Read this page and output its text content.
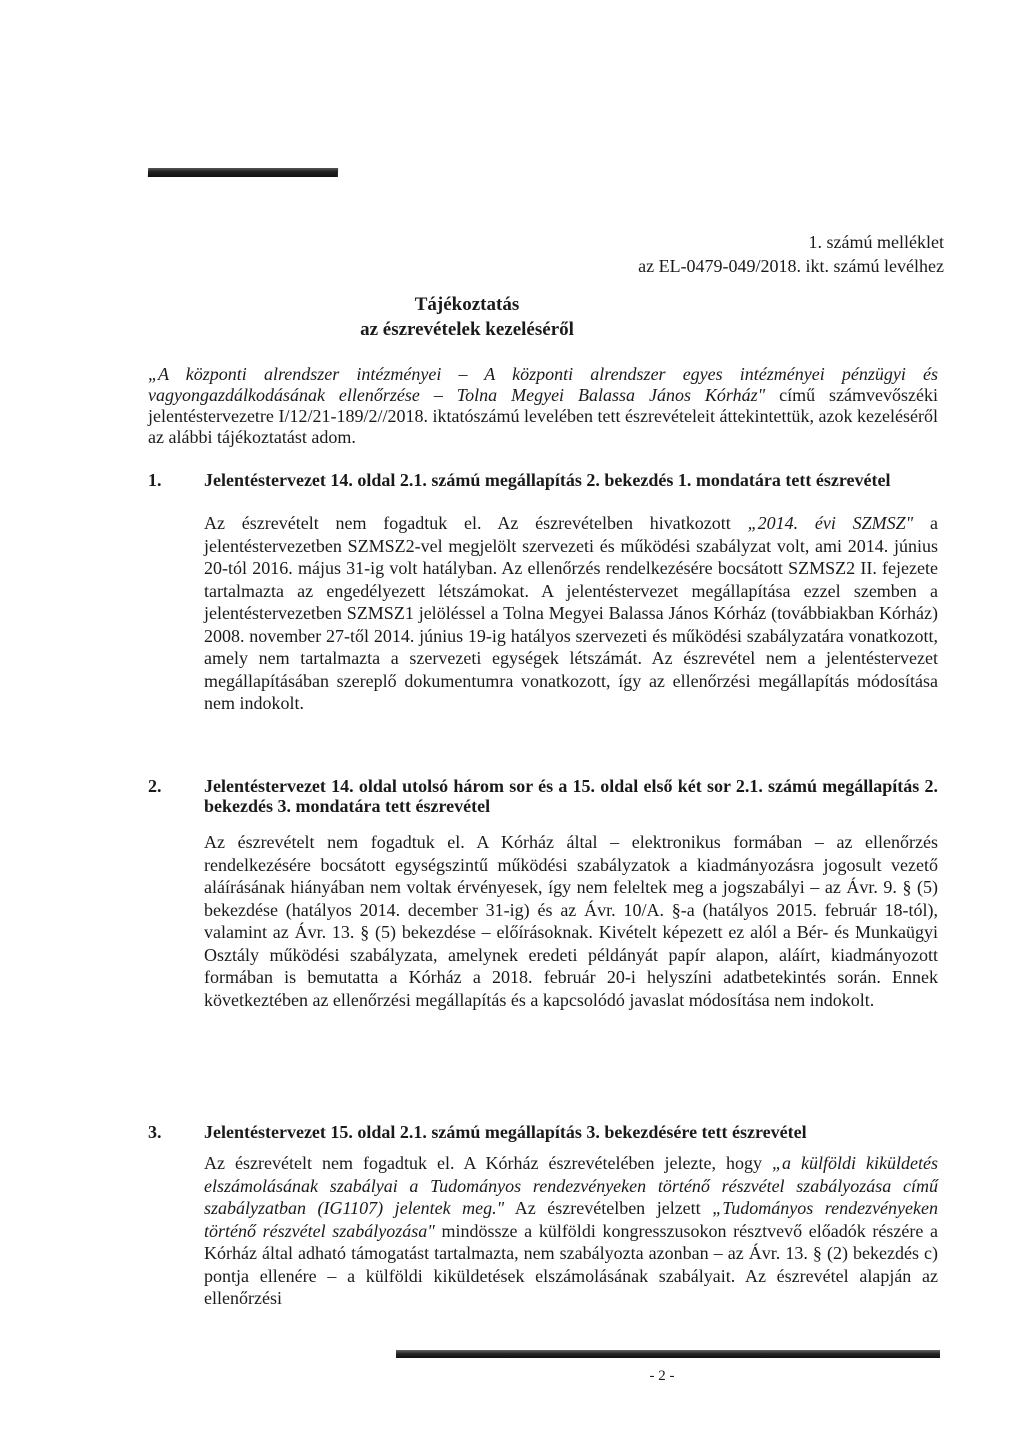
1. számú melléklet
az EL-0479-049/2018. ikt. számú levélhez
Tájékoztatás
az észrevételek kezeléséről
„A központi alrendszer intézményei – A központi alrendszer egyes intézményei pénzügyi és vagyongazdálkodásának ellenőrzése – Tolna Megyei Balassa János Kórház" című számvevőszéki jelentéstervezetre I/12/21-189/2//2018. iktatószámú levelében tett észrevételeit áttekintettük, azok kezeléséről az alábbi tájékoztatást adom.
1.	Jelentéstervezet 14. oldal 2.1. számú megállapítás 2. bekezdés 1. mondatára tett észrevétel
Az észrevételt nem fogadtuk el. Az észrevételben hivatkozott „2014. évi SZMSZ" a jelentéstervezetben SZMSZ2-vel megjelölt szervezeti és működési szabályzat volt, ami 2014. június 20-tól 2016. május 31-ig volt hatályban. Az ellenőrzés rendelkezésére bocsátott SZMSZ2 II. fejezete tartalmazta az engedélyezett létszámokat. A jelentéstervezet megállapítása ezzel szemben a jelentéstervezetben SZMSZ1 jelöléssel a Tolna Megyei Balassa János Kórház (továbbiakban Kórház) 2008. november 27-től 2014. június 19-ig hatályos szervezeti és működési szabályzatára vonatkozott, amely nem tartalmazta a szervezeti egységek létszámát. Az észrevétel nem a jelentéstervezet megállapításában szereplő dokumentumra vonatkozott, így az ellenőrzési megállapítás módosítása nem indokolt.
2.	Jelentéstervezet 14. oldal utolsó három sor és a 15. oldal első két sor 2.1. számú megállapítás 2. bekezdés 3. mondatára tett észrevétel
Az észrevételt nem fogadtuk el. A Kórház által – elektronikus formában – az ellenőrzés rendelkezésére bocsátott egységszintű működési szabályzatok a kiadmányozásra jogosult vezető aláírásának hiányában nem voltak érvényesek, így nem feleltek meg a jogszabályi – az Ávr. 9. § (5) bekezdése (hatályos 2014. december 31-ig) és az Ávr. 10/A. §-a (hatályos 2015. február 18-tól), valamint az Ávr. 13. § (5) bekezdése – előírásoknak. Kivételt képezett ez alól a Bér- és Munkaügyi Osztály működési szabályzata, amelynek eredeti példányát papír alapon, aláírt, kiadmányozott formában is bemutatta a Kórház a 2018. február 20-i helyszíni adatbetekintés során. Ennek következtében az ellenőrzési megállapítás és a kapcsolódó javaslat módosítása nem indokolt.
3.	Jelentéstervezet 15. oldal 2.1. számú megállapítás 3. bekezdésére tett észrevétel
Az észrevételt nem fogadtuk el. A Kórház észrevételében jelezte, hogy „a külföldi kiküldetés elszámolásának szabályai a Tudományos rendezvényeken történő részvétel szabályozása című szabályzatban (IG1107) jelentek meg." Az észrevételben jelzett „Tudományos rendezvényeken történő részvétel szabályozása" mindössze a külföldi kongresszusokon résztvevő előadók részére a Kórház által adható támogatást tartalmazta, nem szabályozta azonban – az Ávr. 13. § (2) bekezdés c) pontja ellenére – a külföldi kiküldetések elszámolásának szabályait. Az észrevétel alapján az ellenőrzési
- 2 -
